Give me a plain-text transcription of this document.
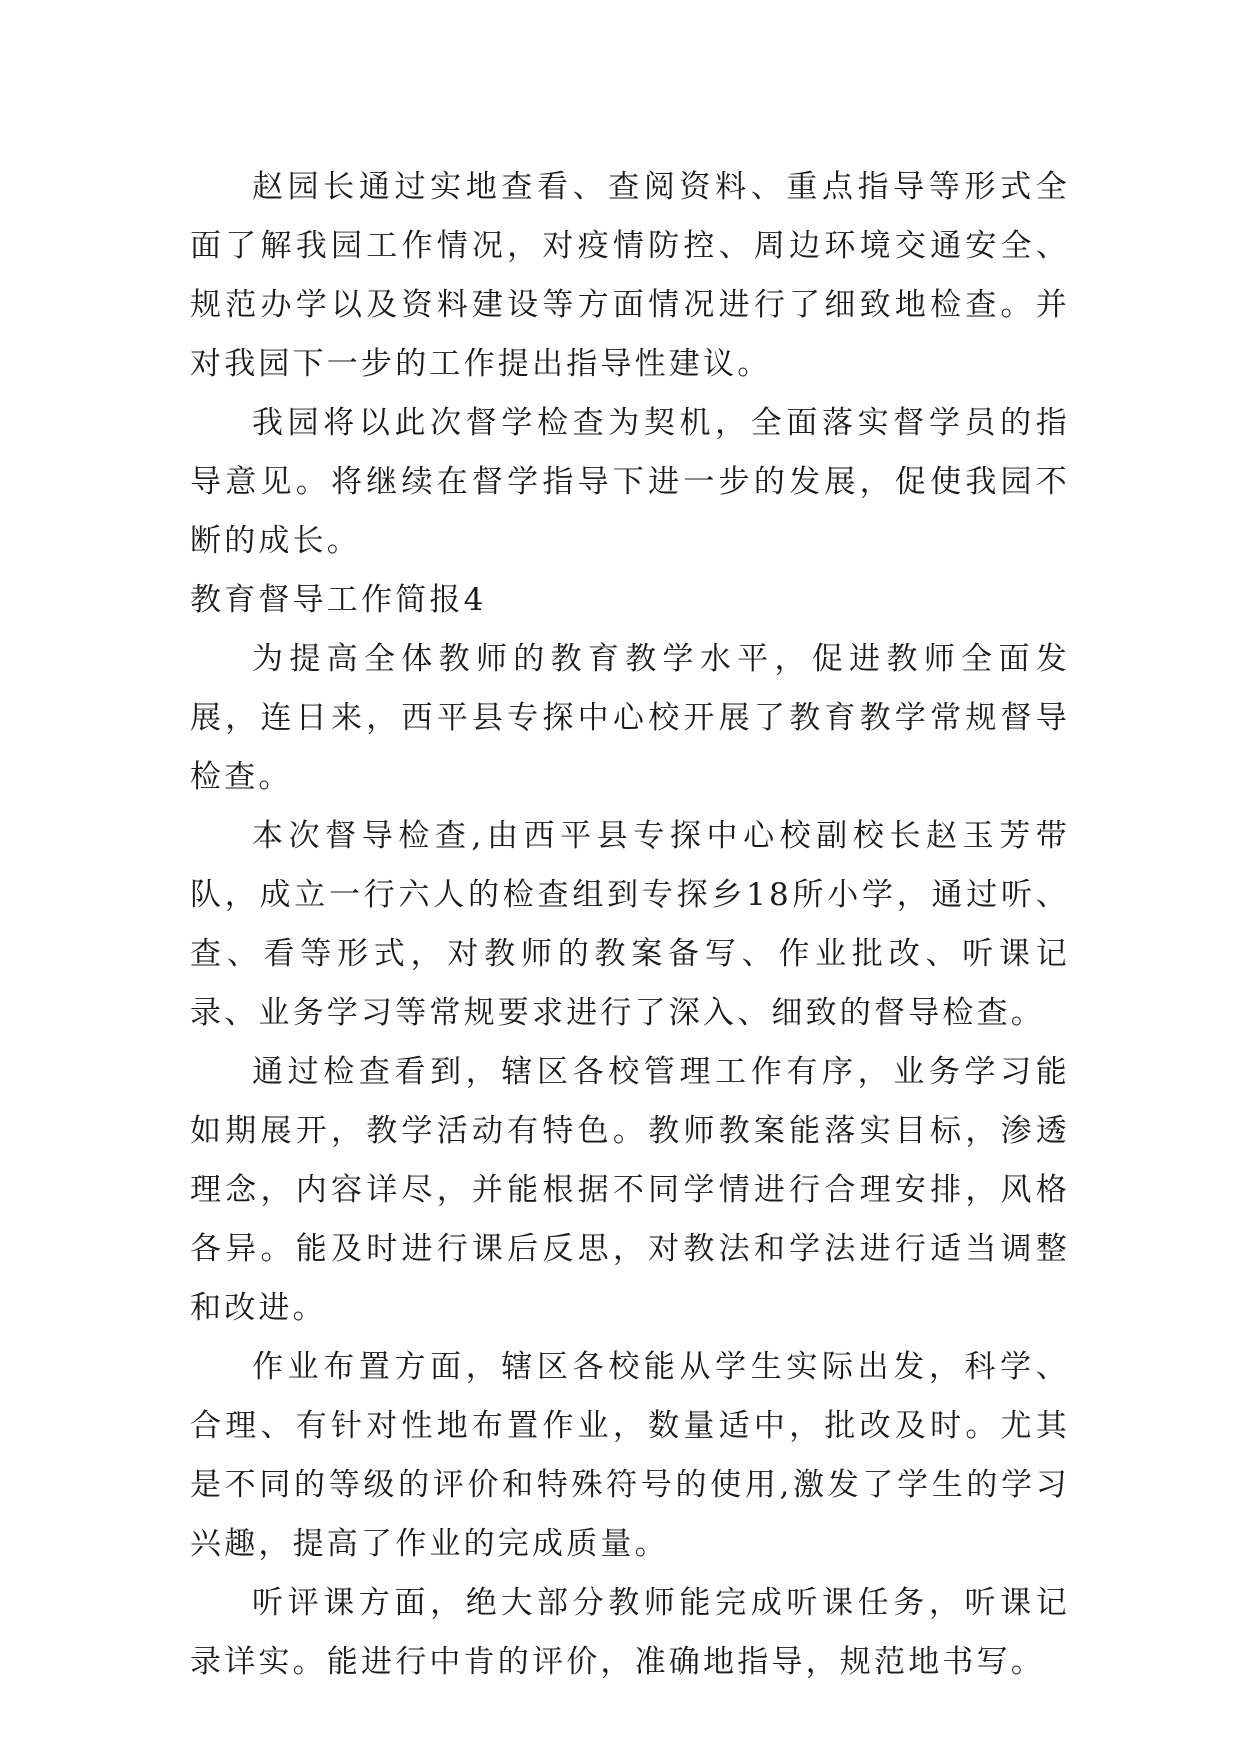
赵园长通过实地查看、查阅资料、重点指导等形式全面了解我园工作情况，对疫情防控、周边环境交通安全、规范办学以及资料建设等方面情况进行了细致地检查。并对我园下一步的工作提出指导性建议。

我园将以此次督学检查为契机，全面落实督学员的指导意见。将继续在督学指导下进一步的发展，促使我园不断的成长。

教育督导工作简报4

为提高全体教师的教育教学水平，促进教师全面发展，连日来，西平县专探中心校开展了教育教学常规督导检查。

本次督导检查,由西平县专探中心校副校长赵玉芳带队，成立一行六人的检查组到专探乡18所小学，通过听、查、看等形式，对教师的教案备写、作业批改、听课记录、业务学习等常规要求进行了深入、细致的督导检查。

通过检查看到，辖区各校管理工作有序，业务学习能如期展开，教学活动有特色。教师教案能落实目标，渗透理念，内容详尽，并能根据不同学情进行合理安排，风格各异。能及时进行课后反思，对教法和学法进行适当调整和改进。

作业布置方面，辖区各校能从学生实际出发，科学、合理、有针对性地布置作业，数量适中，批改及时。尤其是不同的等级的评价和特殊符号的使用,激发了学生的学习兴趣，提高了作业的完成质量。

听评课方面，绝大部分教师能完成听课任务，听课记录详实。能进行中肯的评价，准确地指导，规范地书写。
